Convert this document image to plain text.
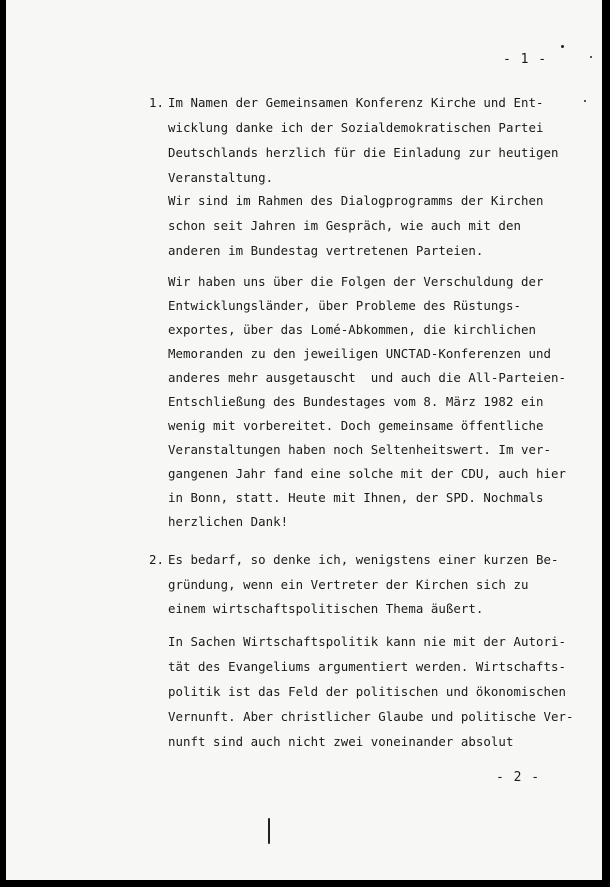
- 1 -
1. Im Namen der Gemeinsamen Konferenz Kirche und Ent-
wicklung danke ich der Sozialdemokratischen Partei
Deutschlands herzlich für die Einladung zur heutigen
Veranstaltung.
Wir sind im Rahmen des Dialogprogramms der Kirchen
schon seit Jahren im Gespräch, wie auch mit den
anderen im Bundestag vertretenen Parteien.
Wir haben uns über die Folgen der Verschuldung der
Entwicklungsländer, über Probleme des Rüstungs-
exportes, über das Lomé-Abkommen, die kirchlichen
Memoranden zu den jeweiligen UNCTAD-Konferenzen und
anderes mehr ausgetauscht  und auch die All-Parteien-
Entschließung des Bundestages vom 8. März 1982 ein
wenig mit vorbereitet. Doch gemeinsame öffentliche
Veranstaltungen haben noch Seltenheitswert. Im ver-
gangenen Jahr fand eine solche mit der CDU, auch hier
in Bonn, statt. Heute mit Ihnen, der SPD. Nochmals
herzlichen Dank!
2. Es bedarf, so denke ich, wenigstens einer kurzen Be-
gründung, wenn ein Vertreter der Kirchen sich zu
einem wirtschaftspolitischen Thema äußert.
In Sachen Wirtschaftspolitik kann nie mit der Autori-
tät des Evangeliums argumentiert werden. Wirtschafts-
politik ist das Feld der politischen und ökonomischen
Vernunft. Aber christlicher Glaube und politische Ver-
nunft sind auch nicht zwei voneinander absolut
- 2 -
